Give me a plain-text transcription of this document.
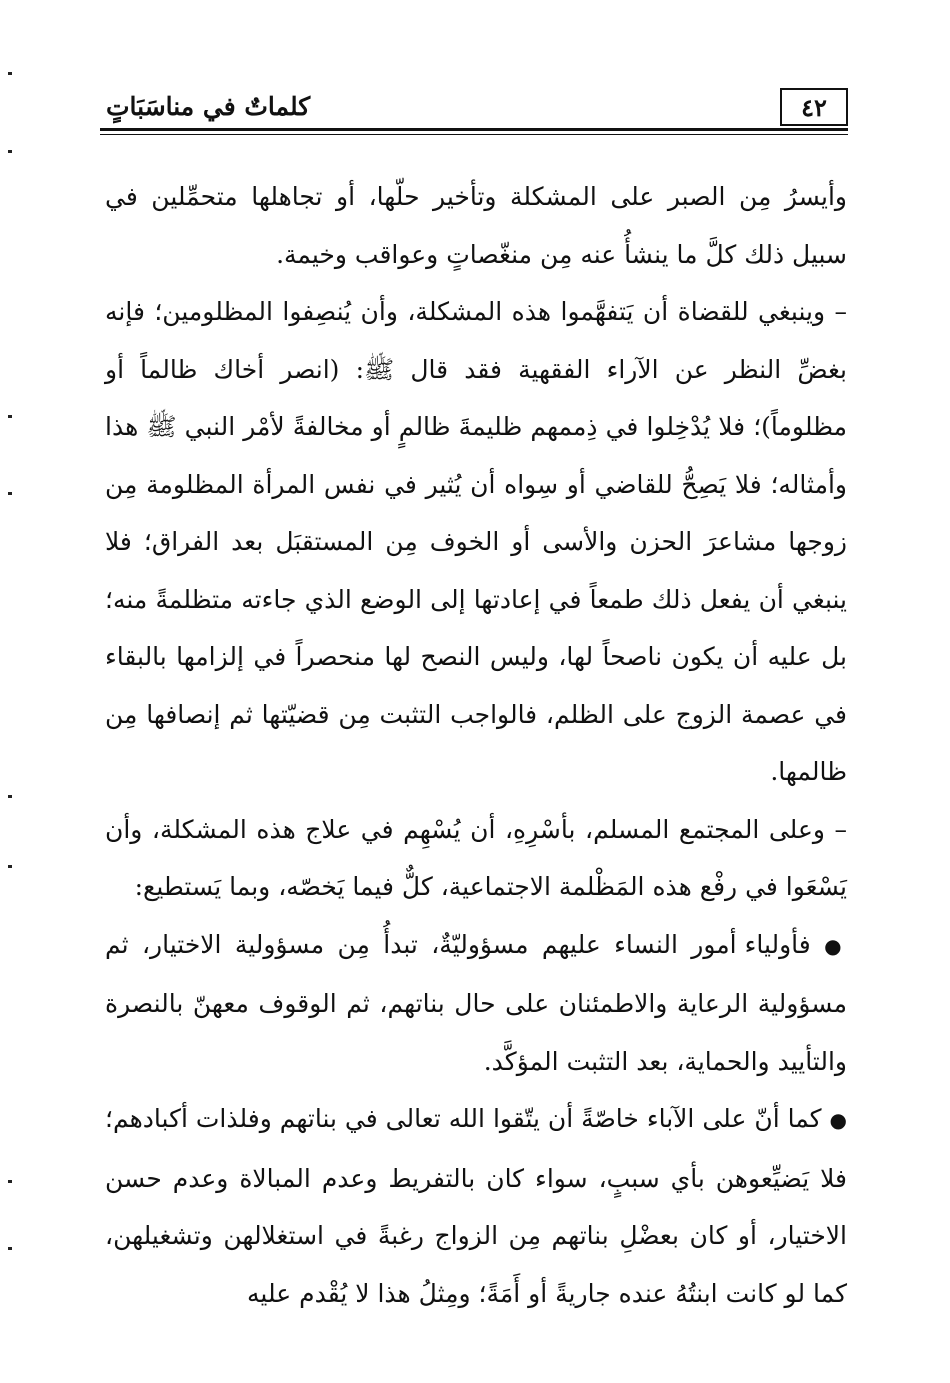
٤٢
كلماتٌ في مناسَبَاتٍ

وأيسرُ مِن الصبر على المشكلة وتأخير حلّها، أو تجاهلها متحمِّلين في سبيل ذلك كلَّ ما ينشأُ عنه مِن منغّصاتٍ وعواقب وخيمة.

– وينبغي للقضاة أن يَتفهَّموا هذه المشكلة، وأن يُنصِفوا المظلومين؛ فإنه بغضِّ النظر عن الآراء الفقهية فقد قال ﷺ: (انصر أخاك ظالماً أو مظلوماً)؛ فلا يُدْخِلوا في ذِممهم ظليمةَ ظالمٍ أو مخالفةً لأمْر النبي ﷺ هذا وأمثاله؛ فلا يَصِحُّ للقاضي أو سِواه أن يُثير في نفس المرأة المظلومة مِن زوجها مشاعرَ الحزن والأسى أو الخوف مِن المستقبَل بعد الفراق؛ فلا ينبغي أن يفعل ذلك طمعاً في إعادتها إلى الوضع الذي جاءته متظلمةً منه؛ بل عليه أن يكون ناصحاً لها، وليس النصح لها منحصراً في إلزامها بالبقاء في عصمة الزوج على الظلم، فالواجب التثبت مِن قضيّتها ثم إنصافها مِن ظالمها.

– وعلى المجتمع المسلم، بأسْرِهِ، أن يُسْهِم في علاج هذه المشكلة، وأن يَسْعَوا في رفْع هذه المَظْلمة الاجتماعية، كلٌّ فيما يَخصّه، وبما يَستطيع:

● فأولياء أمور النساء عليهم مسؤوليّةٌ، تبدأُ مِن مسؤولية الاختيار، ثم مسؤولية الرعاية والاطمئنان على حال بناتهم، ثم الوقوف معهنّ بالنصرة والتأييد والحماية، بعد التثبت المؤكَّد.

● كما أنّ على الآباء خاصّةً أن يتّقوا الله تعالى في بناتهم وفلذات أكبادهم؛ فلا يَضيِّعوهن بأي سببٍ، سواء كان بالتفريط وعدم المبالاة وعدم حسن الاختيار، أو كان بعضْلِ بناتهم مِن الزواج رغبةً في استغلالهن وتشغيلهن، كما لو كانت ابنتُهُ عنده جاريةً أو أَمَةً؛ ومِثلُ هذا لا يُقْدم عليه
